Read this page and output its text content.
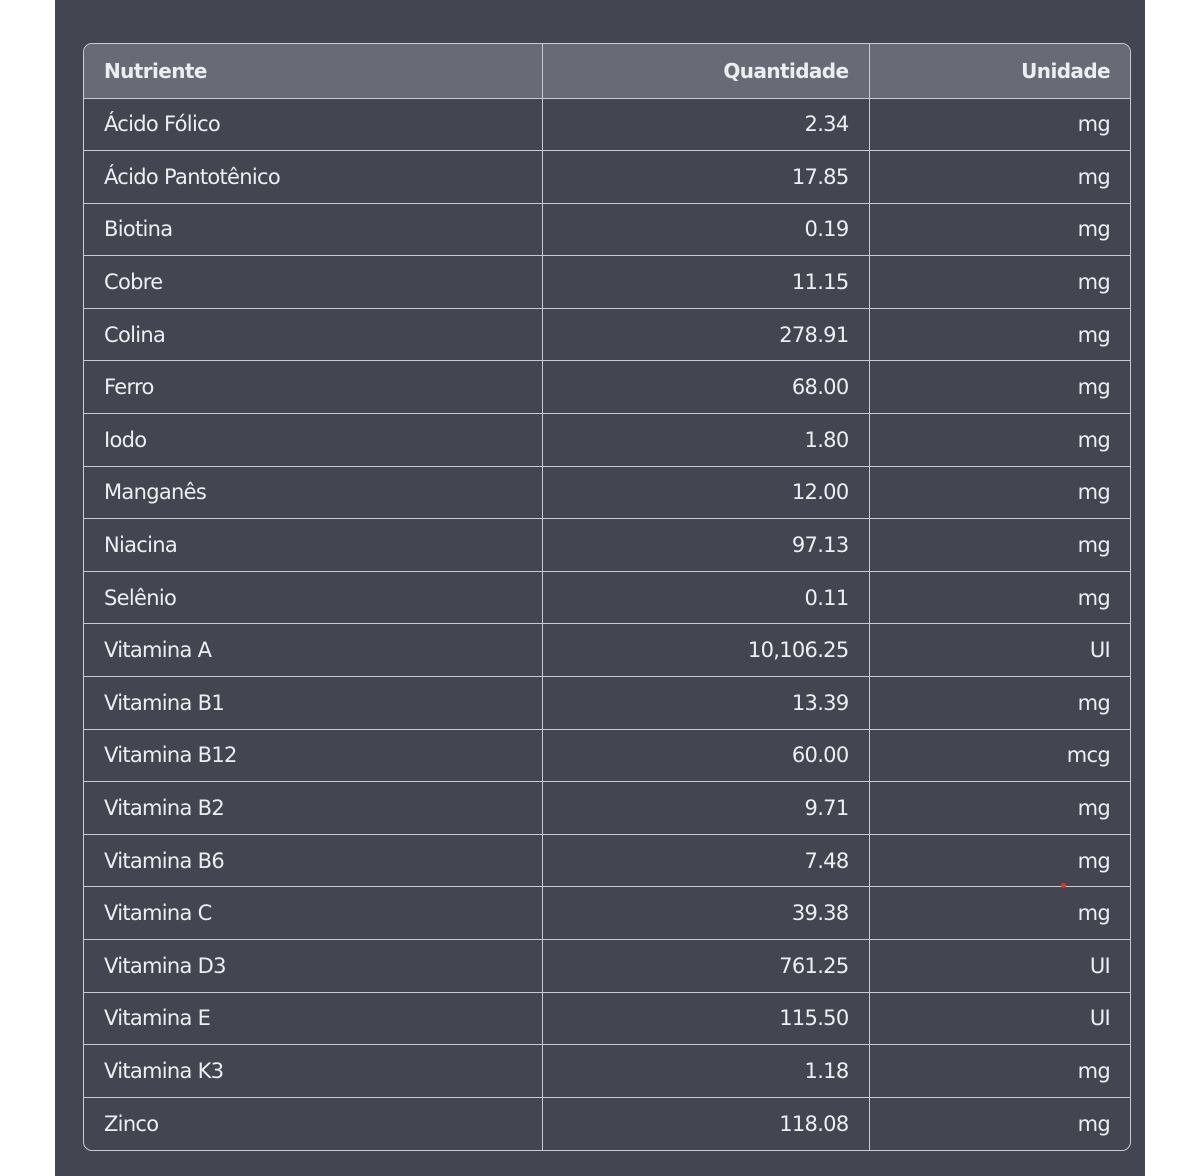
Nutriente	Quantidade	Unidade
Ácido Fólico	2.34	mg
Ácido Pantotênico	17.85	mg
Biotina	0.19	mg
Cobre	11.15	mg
Colina	278.91	mg
Ferro	68.00	mg
Iodo	1.80	mg
Manganês	12.00	mg
Niacina	97.13	mg
Selênio	0.11	mg
Vitamina A	10,106.25	UI
Vitamina B1	13.39	mg
Vitamina B12	60.00	mcg
Vitamina B2	9.71	mg
Vitamina B6	7.48	mg
Vitamina C	39.38	mg
Vitamina D3	761.25	UI
Vitamina E	115.50	UI
Vitamina K3	1.18	mg
Zinco	118.08	mg
